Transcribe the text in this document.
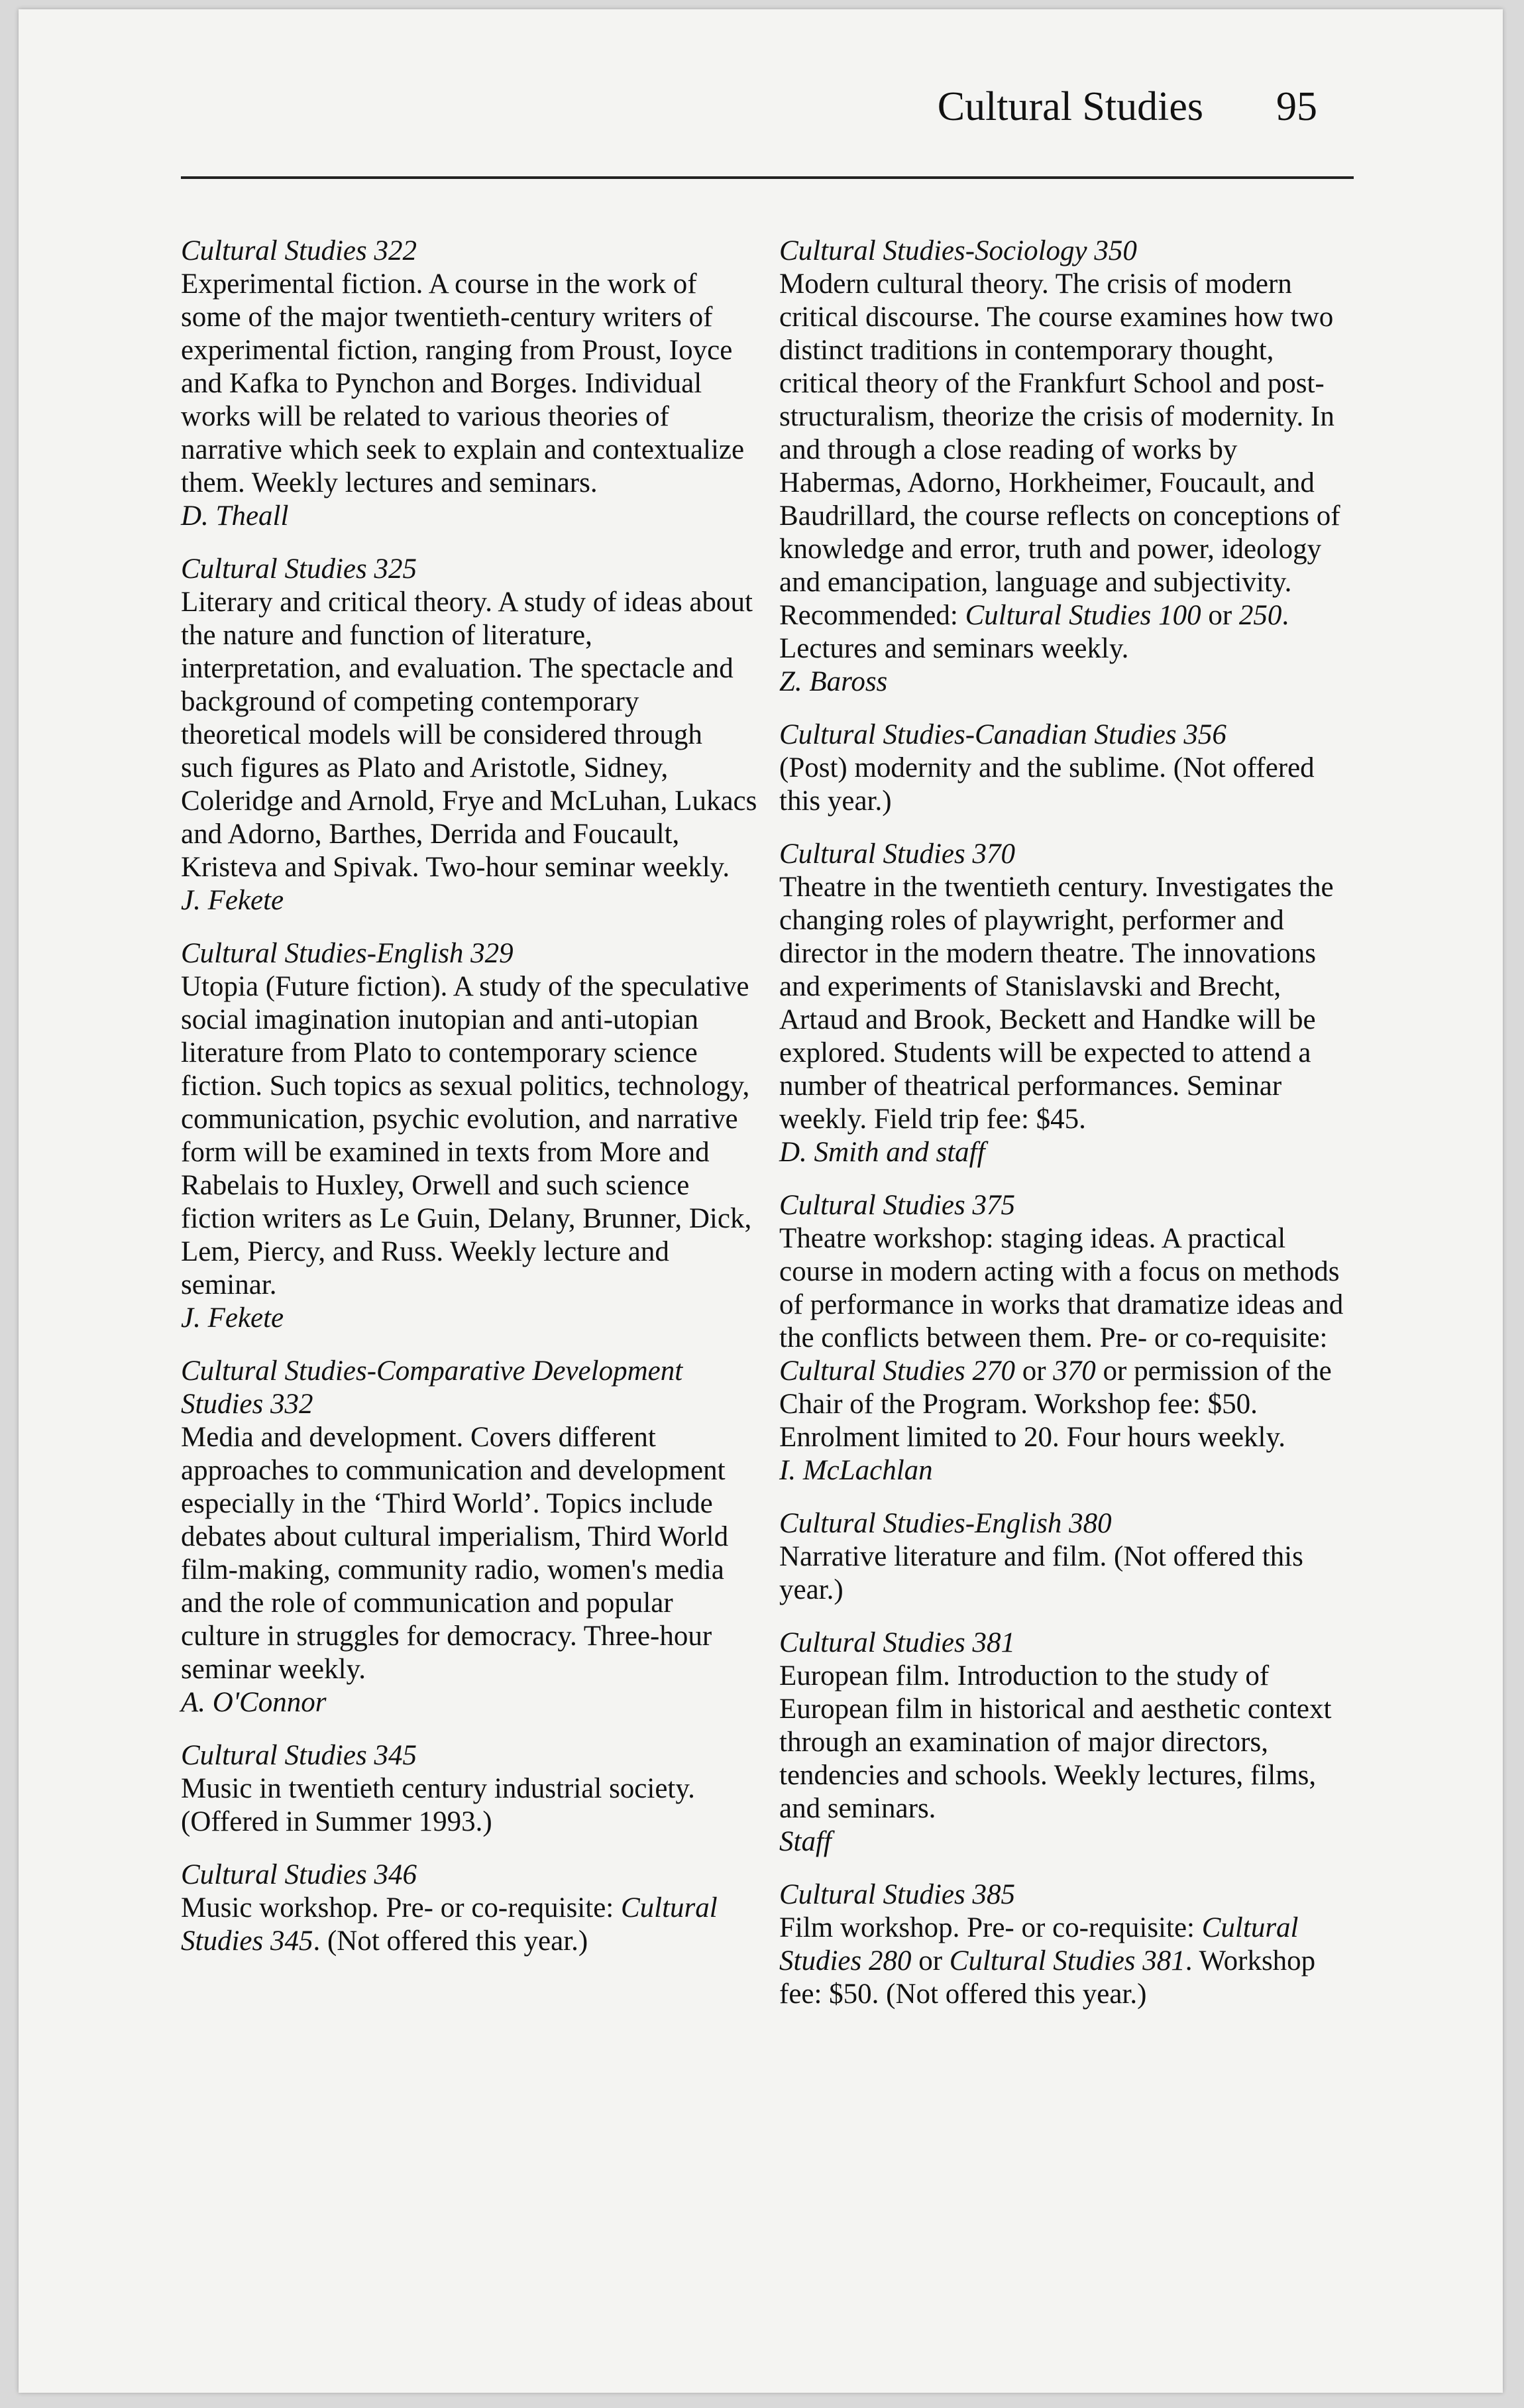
Cultural Studies 95
Cultural Studies 322
Experimental fiction. A course in the work of some of the major twentieth-century writers of experimental fiction, ranging from Proust, Ioyce and Kafka to Pynchon and Borges. Individual works will be related to various theories of narrative which seek to explain and contextualize them. Weekly lectures and seminars.
D. Theall
Cultural Studies 325
Literary and critical theory. A study of ideas about the nature and function of literature, interpretation, and evaluation. The spectacle and background of competing contemporary theoretical models will be considered through such figures as Plato and Aristotle, Sidney, Coleridge and Arnold, Frye and McLuhan, Lukacs and Adorno, Barthes, Derrida and Foucault, Kristeva and Spivak. Two-hour seminar weekly.
J. Fekete
Cultural Studies-English 329
Utopia (Future fiction). A study of the speculative social imagination inutopian and anti-utopian literature from Plato to contemporary science fiction. Such topics as sexual politics, technology, communication, psychic evolution, and narrative form will be examined in texts from More and Rabelais to Huxley, Orwell and such science fiction writers as Le Guin, Delany, Brunner, Dick, Lem, Piercy, and Russ. Weekly lecture and seminar.
J. Fekete
Cultural Studies-Comparative Development Studies 332
Media and development. Covers different approaches to communication and development especially in the ‘Third World’. Topics include debates about cultural imperialism, Third World film-making, community radio, women's media and the role of communication and popular culture in struggles for democracy. Three-hour seminar weekly.
A. O'Connor
Cultural Studies 345
Music in twentieth century industrial society. (Offered in Summer 1993.)
Cultural Studies 346
Music workshop. Pre- or co-requisite: Cultural Studies 345. (Not offered this year.)
Cultural Studies-Sociology 350
Modern cultural theory. The crisis of modern critical discourse. The course examines how two distinct traditions in contemporary thought, critical theory of the Frankfurt School and post-structuralism, theorize the crisis of modernity. In and through a close reading of works by Habermas, Adorno, Horkheimer, Foucault, and Baudrillard, the course reflects on conceptions of knowledge and error, truth and power, ideology and emancipation, language and subjectivity. Recommended: Cultural Studies 100 or 250. Lectures and seminars weekly.
Z. Baross
Cultural Studies-Canadian Studies 356
(Post) modernity and the sublime. (Not offered this year.)
Cultural Studies 370
Theatre in the twentieth century. Investigates the changing roles of playwright, performer and director in the modern theatre. The innovations and experiments of Stanislavski and Brecht, Artaud and Brook, Beckett and Handke will be explored. Students will be expected to attend a number of theatrical performances. Seminar weekly. Field trip fee: $45.
D. Smith and staff
Cultural Studies 375
Theatre workshop: staging ideas. A practical course in modern acting with a focus on methods of performance in works that dramatize ideas and the conflicts between them. Pre- or co-requisite: Cultural Studies 270 or 370 or permission of the Chair of the Program. Workshop fee: $50. Enrolment limited to 20. Four hours weekly.
I. McLachlan
Cultural Studies-English 380
Narrative literature and film. (Not offered this year.)
Cultural Studies 381
European film. Introduction to the study of European film in historical and aesthetic context through an examination of major directors, tendencies and schools. Weekly lectures, films, and seminars.
Staff
Cultural Studies 385
Film workshop. Pre- or co-requisite: Cultural Studies 280 or Cultural Studies 381. Workshop fee: $50. (Not offered this year.)
